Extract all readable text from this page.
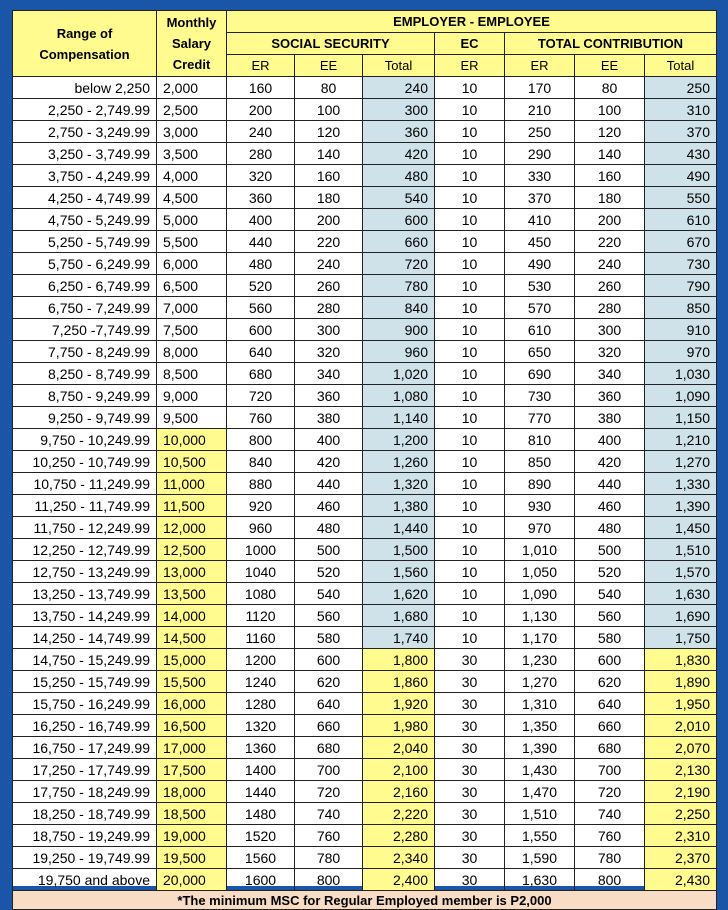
Range of Compensation	Monthly Salary Credit	EMPLOYER - EMPLOYEE						
		SOCIAL SECURITY			EC	TOTAL CONTRIBUTION		
		ER	EE	Total	ER	ER	EE	Total
below 2,250	2,000	160	80	240	10	170	80	250
2,250 - 2,749.99	2,500	200	100	300	10	210	100	310
2,750 - 3,249.99	3,000	240	120	360	10	250	120	370
3,250 - 3,749.99	3,500	280	140	420	10	290	140	430
3,750 - 4,249.99	4,000	320	160	480	10	330	160	490
4,250 - 4,749.99	4,500	360	180	540	10	370	180	550
4,750 - 5,249.99	5,000	400	200	600	10	410	200	610
5,250 - 5,749.99	5,500	440	220	660	10	450	220	670
5,750 - 6,249.99	6,000	480	240	720	10	490	240	730
6,250 - 6,749.99	6,500	520	260	780	10	530	260	790
6,750 - 7,249.99	7,000	560	280	840	10	570	280	850
7,250 -7,749.99	7,500	600	300	900	10	610	300	910
7,750 - 8,249.99	8,000	640	320	960	10	650	320	970
8,250 - 8,749.99	8,500	680	340	1,020	10	690	340	1,030
8,750 - 9,249.99	9,000	720	360	1,080	10	730	360	1,090
9,250 - 9,749.99	9,500	760	380	1,140	10	770	380	1,150
9,750 - 10,249.99	10,000	800	400	1,200	10	810	400	1,210
10,250 - 10,749.99	10,500	840	420	1,260	10	850	420	1,270
10,750 - 11,249.99	11,000	880	440	1,320	10	890	440	1,330
11,250 - 11,749.99	11,500	920	460	1,380	10	930	460	1,390
11,750 - 12,249.99	12,000	960	480	1,440	10	970	480	1,450
12,250 - 12,749.99	12,500	1000	500	1,500	10	1,010	500	1,510
12,750 - 13,249.99	13,000	1040	520	1,560	10	1,050	520	1,570
13,250 - 13,749.99	13,500	1080	540	1,620	10	1,090	540	1,630
13,750 - 14,249.99	14,000	1120	560	1,680	10	1,130	560	1,690
14,250 - 14,749.99	14,500	1160	580	1,740	10	1,170	580	1,750
14,750 - 15,249.99	15,000	1200	600	1,800	30	1,230	600	1,830
15,250 - 15,749.99	15,500	1240	620	1,860	30	1,270	620	1,890
15,750 - 16,249.99	16,000	1280	640	1,920	30	1,310	640	1,950
16,250 - 16,749.99	16,500	1320	660	1,980	30	1,350	660	2,010
16,750 - 17,249.99	17,000	1360	680	2,040	30	1,390	680	2,070
17,250 - 17,749.99	17,500	1400	700	2,100	30	1,430	700	2,130
17,750 - 18,249.99	18,000	1440	720	2,160	30	1,470	720	2,190
18,250 - 18,749.99	18,500	1480	740	2,220	30	1,510	740	2,250
18,750 - 19,249.99	19,000	1520	760	2,280	30	1,550	760	2,310
19,250 - 19,749.99	19,500	1560	780	2,340	30	1,590	780	2,370
19,750 and above	20,000	1600	800	2,400	30	1,630	800	2,430
*The minimum MSC for Regular Employed member is P2,000								
